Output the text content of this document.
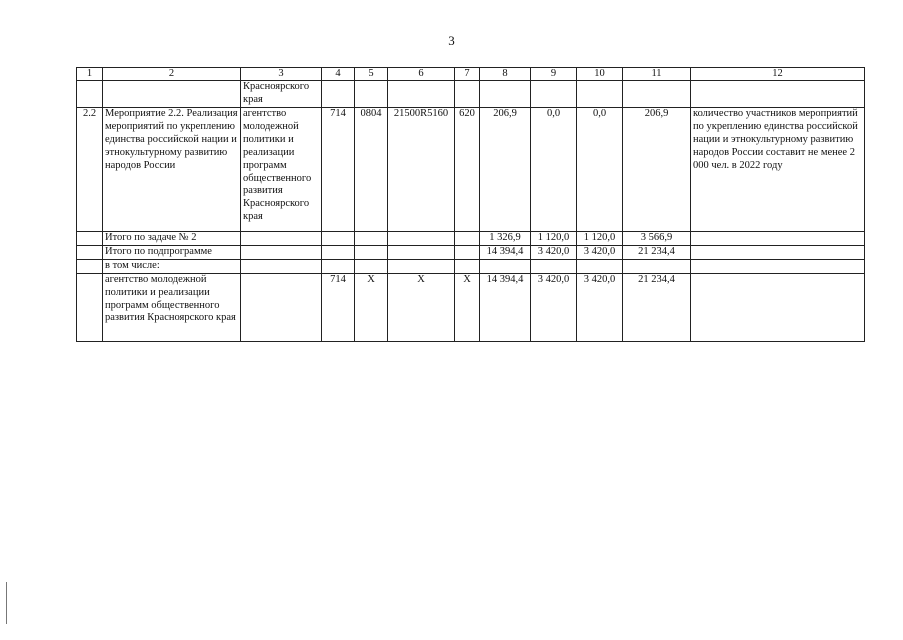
3
1	2	3	4	5	6	7	8	9	10	11	12
		Красноярского края									
2.2	Мероприятие 2.2. Реализация мероприятий по укреплению единства российской нации и этнокультурному развитию народов России	агентство молодежной политики и реализации программ общественного развития Красноярского края	714	0804	21500R5160	620	206,9	0,0	0,0	206,9	количество участников мероприятий по укреплению единства российской нации и этнокультурному развитию народов России составит не менее 2 000 чел. в 2022 году
	Итого по задаче № 2						1 326,9	1 120,0	1 120,0	3 566,9	
	Итого по подпрограмме						14 394,4	3 420,0	3 420,0	21 234,4	
	в том числе:										
	агентство молодежной политики и реализации программ общественного развития Красноярского края		714	Х	Х	Х	14 394,4	3 420,0	3 420,0	21 234,4	
